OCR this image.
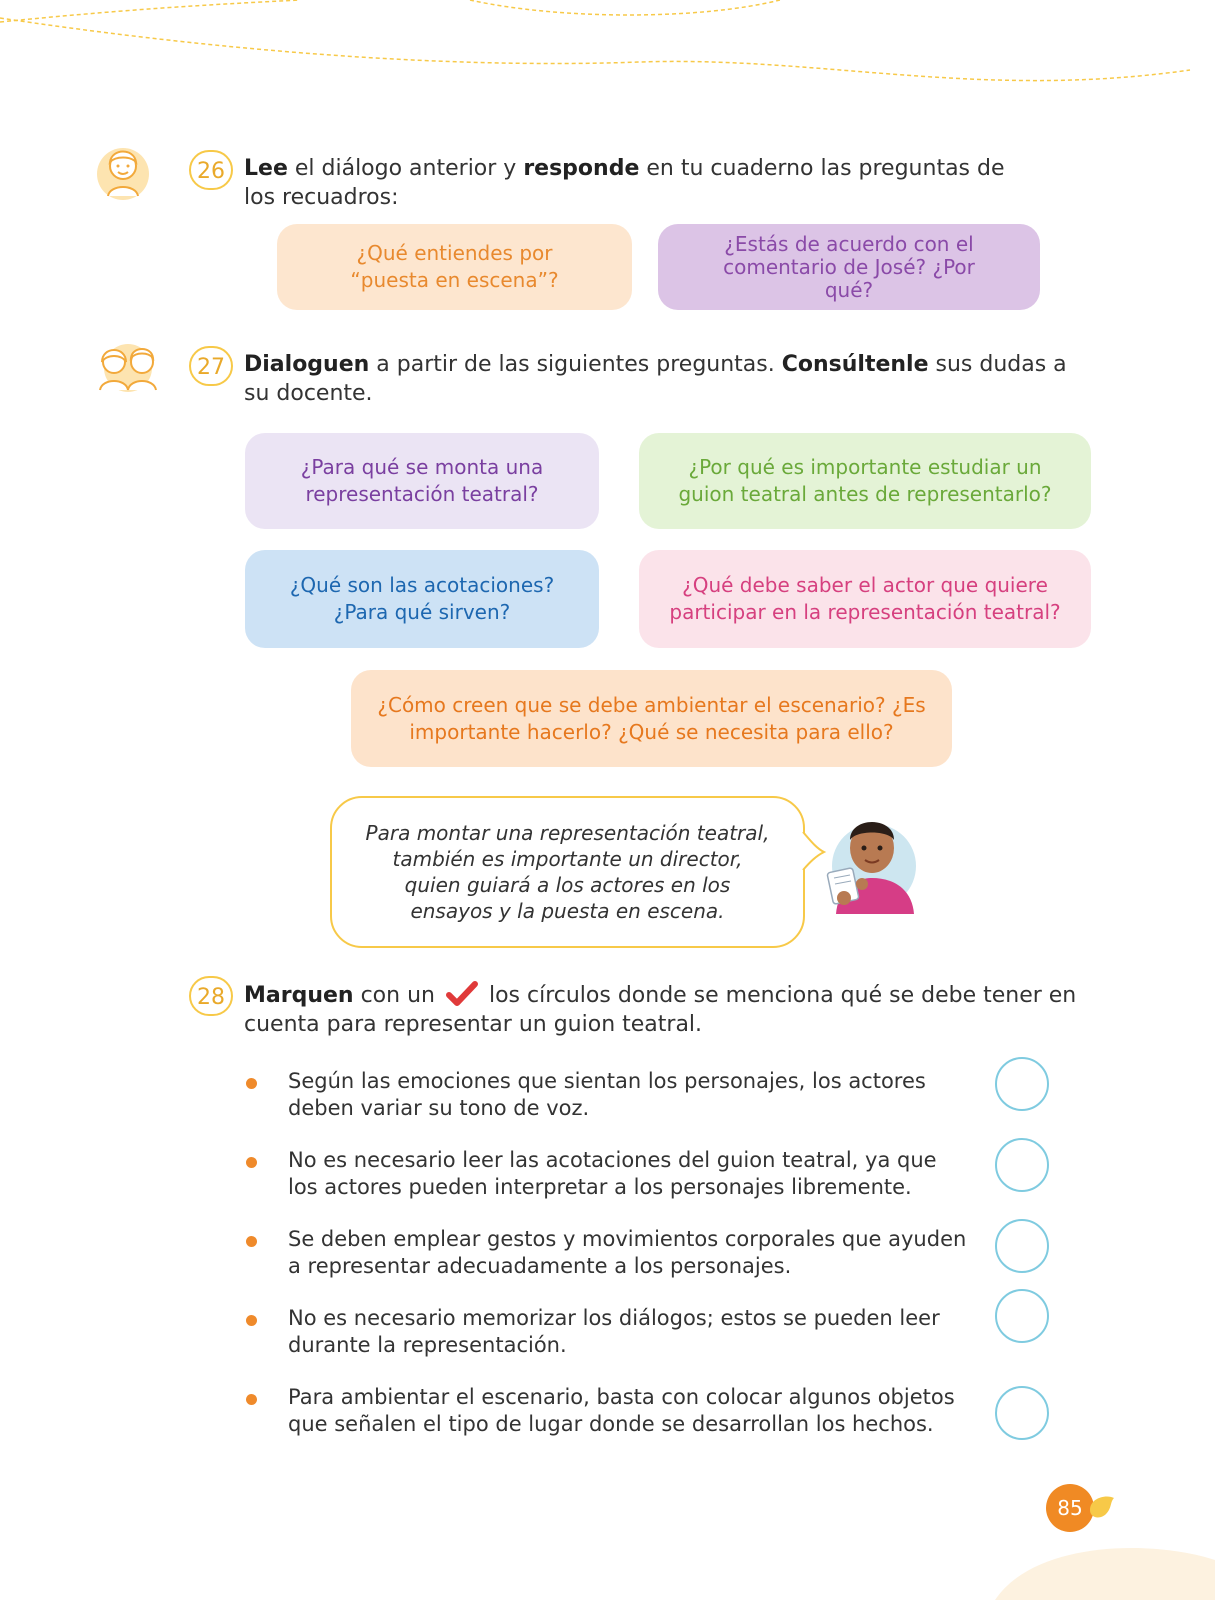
26 Lee el diálogo anterior y responde en tu cuaderno las preguntas de los recuadros:
¿Qué entiendes por “puesta en escena”?
¿Estás de acuerdo con el comentario de José? ¿Por qué?
27 Dialoguen a partir de las siguientes preguntas. Consúltenle sus dudas a su docente.
¿Para qué se monta una representación teatral?
¿Por qué es importante estudiar un guion teatral antes de representarlo?
¿Qué son las acotaciones? ¿Para qué sirven?
¿Qué debe saber el actor que quiere participar en la representación teatral?
¿Cómo creen que se debe ambientar el escenario? ¿Es importante hacerlo? ¿Qué se necesita para ello?
Para montar una representación teatral, también es importante un director, quien guiará a los actores en los ensayos y la puesta en escena.
28 Marquen con un  los círculos donde se menciona qué se debe tener en cuenta para representar un guion teatral.
Según las emociones que sientan los personajes, los actores deben variar su tono de voz.
No es necesario leer las acotaciones del guion teatral, ya que los actores pueden interpretar a los personajes libremente.
Se deben emplear gestos y movimientos corporales que ayuden a representar adecuadamente a los personajes.
No es necesario memorizar los diálogos; estos se pueden leer durante la representación.
Para ambientar el escenario, basta con colocar algunos objetos que señalen el tipo de lugar donde se desarrollan los hechos.
85
